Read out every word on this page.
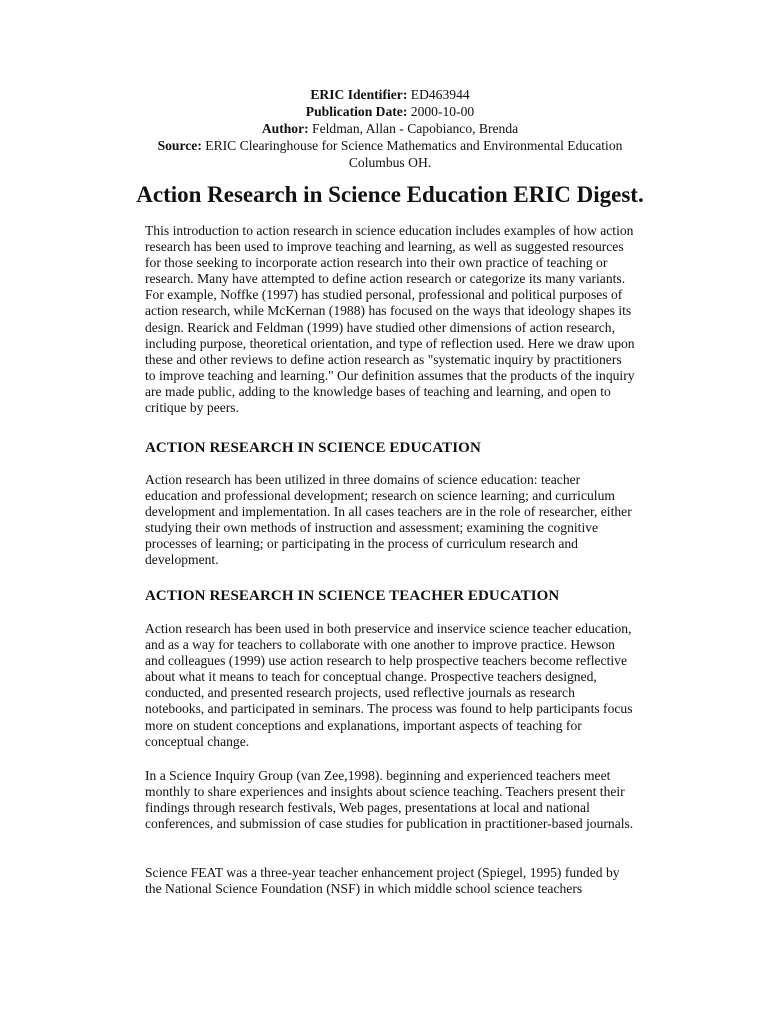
ERIC Identifier: ED463944
Publication Date: 2000-10-00
Author: Feldman, Allan - Capobianco, Brenda
Source: ERIC Clearinghouse for Science Mathematics and Environmental Education
Columbus OH.
Action Research in Science Education ERIC Digest.

This introduction to action research in science education includes examples of how action research has been used to improve teaching and learning, as well as suggested resources for those seeking to incorporate action research into their own practice of teaching or research. Many have attempted to define action research or categorize its many variants. For example, Noffke (1997) has studied personal, professional and political purposes of action research, while McKernan (1988) has focused on the ways that ideology shapes its design. Rearick and Feldman (1999) have studied other dimensions of action research, including purpose, theoretical orientation, and type of reflection used. Here we draw upon these and other reviews to define action research as "systematic inquiry by practitioners to improve teaching and learning." Our definition assumes that the products of the inquiry are made public, adding to the knowledge bases of teaching and learning, and open to critique by peers.

ACTION RESEARCH IN SCIENCE EDUCATION

Action research has been utilized in three domains of science education: teacher education and professional development; research on science learning; and curriculum development and implementation. In all cases teachers are in the role of researcher, either studying their own methods of instruction and assessment; examining the cognitive processes of learning; or participating in the process of curriculum research and development.

ACTION RESEARCH IN SCIENCE TEACHER EDUCATION

Action research has been used in both preservice and inservice science teacher education, and as a way for teachers to collaborate with one another to improve practice. Hewson and colleagues (1999) use action research to help prospective teachers become reflective about what it means to teach for conceptual change. Prospective teachers designed, conducted, and presented research projects, used reflective journals as research notebooks, and participated in seminars. The process was found to help participants focus more on student conceptions and explanations, important aspects of teaching for conceptual change.

In a Science Inquiry Group (van Zee,1998). beginning and experienced teachers meet monthly to share experiences and insights about science teaching. Teachers present their findings through research festivals, Web pages, presentations at local and national conferences, and submission of case studies for publication in practitioner-based journals.

Science FEAT was a three-year teacher enhancement project (Spiegel, 1995) funded by the National Science Foundation (NSF) in which middle school science teachers
